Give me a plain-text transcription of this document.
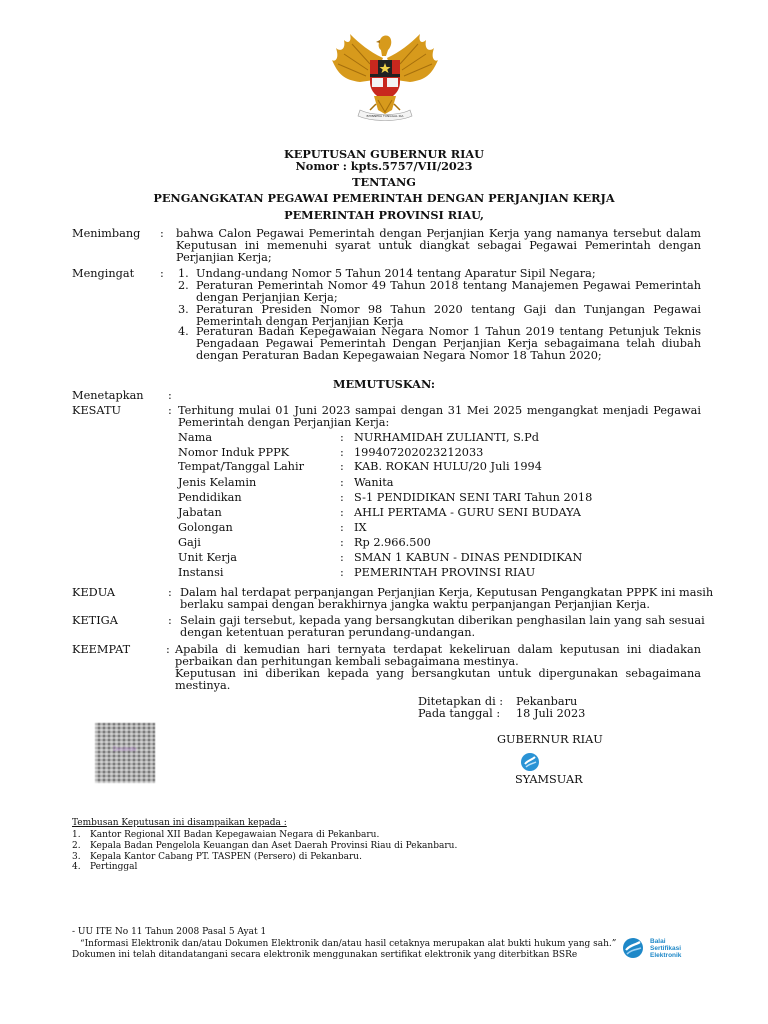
BHINNEKA TUNGGAL IKA
KEPUTUSAN GUBERNUR RIAU
Nomor : kpts.5757/VII/2023
TENTANG
PENGANGKATAN PEGAWAI PEMERINTAH DENGAN PERJANJIAN KERJA
PEMERINTAH PROVINSI RIAU,
Menimbang : bahwa Calon Pegawai Pemerintah dengan Perjanjian Kerja yang namanya tersebut dalam
Keputusan ini memenuhi syarat untuk diangkat sebagai Pegawai Pemerintah dengan
Perjanjian Kerja;
Mengingat : 1. Undang-undang Nomor 5 Tahun 2014 tentang Aparatur Sipil Negara;
2. Peraturan Pemerintah Nomor 49 Tahun 2018 tentang Manajemen Pegawai Pemerintah
dengan Perjanjian Kerja;
3. Peraturan Presiden Nomor 98 Tahun 2020 tentang Gaji dan Tunjangan Pegawai
Pemerintah dengan Perjanjian Kerja
4. Peraturan Badan Kepegawaian Negara Nomor 1 Tahun 2019 tentang Petunjuk Teknis
Pengadaan Pegawai Pemerintah Dengan Perjanjian Kerja sebagaimana telah diubah
dengan Peraturan Badan Kepegawaian Negara Nomor 18 Tahun 2020;
MEMUTUSKAN:
Menetapkan :
KESATU	: Terhitung mulai 01 Juni 2023 sampai dengan 31 Mei 2025 mengangkat menjadi Pegawai
Pemerintah dengan Perjanjian Kerja:
Nama	: NURHAMIDAH ZULIANTI, S.Pd
Nomor Induk PPPK	: 199407202023212033
Tempat/Tanggal Lahir	: KAB. ROKAN HULU/20 Juli 1994
Jenis Kelamin	: Wanita
Pendidikan	: S-1 PENDIDIKAN SENI TARI Tahun 2018
Jabatan	: AHLI PERTAMA - GURU SENI BUDAYA
Golongan	: IX
Gaji	: Rp 2.966.500
Unit Kerja	: SMAN 1 KABUN - DINAS PENDIDIKAN
Instansi	: PEMERINTAH PROVINSI RIAU
KEDUA	: Dalam hal terdapat perpanjangan Perjanjian Kerja, Keputusan Pengangkatan PPPK ini masih
berlaku sampai dengan berakhirnya jangka waktu perpanjangan Perjanjian Kerja.
KETIGA	: Selain gaji tersebut, kepada yang bersangkutan diberikan penghasilan lain yang sah sesuai
dengan ketentuan peraturan perundang-undangan.
KEEMPAT	: Apabila di kemudian hari ternyata terdapat kekeliruan dalam keputusan ini diadakan
perbaikan dan perhitungan kembali sebagaimana mestinya.
Keputusan ini diberikan kepada yang bersangkutan untuk dipergunakan sebagaimana
mestinya.
Ditetapkan di : Pekanbaru
Pada tanggal : 18 Juli 2023
GUBERNUR RIAU
SYAMSUAR
Deslinde
Tembusan Keputusan ini disampaikan kepada :
1. Kantor Regional XII Badan Kepegawaian Negara di Pekanbaru.
2. Kepala Badan Pengelola Keuangan dan Aset Daerah Provinsi Riau di Pekanbaru.
3. Kepala Kantor Cabang PT. TASPEN (Persero) di Pekanbaru.
4. Pertinggal
- UU ITE No 11 Tahun 2008 Pasal 5 Ayat 1
“Informasi Elektronik dan/atau Dokumen Elektronik dan/atau hasil cetaknya merupakan alat bukti hukum yang sah.”
Dokumen ini telah ditandatangani secara elektronik menggunakan sertifikat elektronik yang diterbitkan BSRe
Balai
Sertifikasi
Elektronik
